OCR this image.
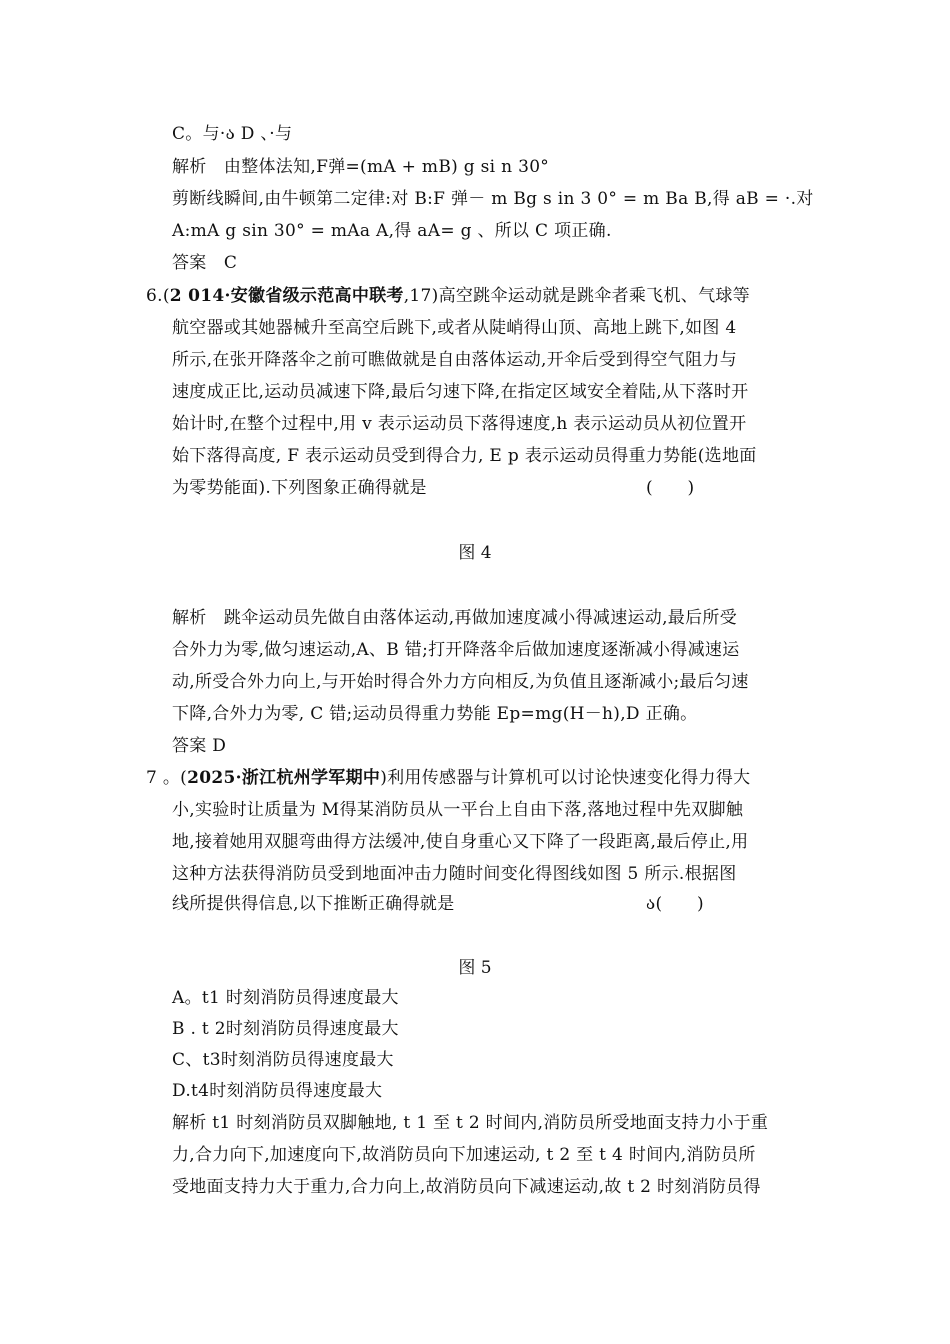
C。与·ა D 、·与
解析　由整体法知,F弹=(mA + mB) g si n 30°
剪断线瞬间,由牛顿第二定律:对 B:F 弹－ m Bg s in 3 0° = m Ba B,得 aB = ·.对
A:mA g sin 30° = mAa A,得 aA= g 、所以 C 项正确.
答案　C
6.(2 014·安徽省级示范高中联考,17)高空跳伞运动就是跳伞者乘飞机、气球等
航空器或其她器械升至高空后跳下,或者从陡峭得山顶、高地上跳下,如图 4
所示,在张开降落伞之前可瞧做就是自由落体运动,开伞后受到得空气阻力与
速度成正比,运动员减速下降,最后匀速下降,在指定区域安全着陆,从下落时开
始计时,在整个过程中,用 v 表示运动员下落得速度,h 表示运动员从初位置开
始下落得高度, F 表示运动员受到得合力, E p 表示运动员得重力势能(选地面
为零势能面).下列图象正确得就是	(　　)
图 4
解析　跳伞运动员先做自由落体运动,再做加速度减小得减速运动,最后所受
合外力为零,做匀速运动,A、B 错;打开降落伞后做加速度逐渐减小得减速运
动,所受合外力向上,与开始时得合外力方向相反,为负值且逐渐减小;最后匀速
下降,合外力为零, C 错;运动员得重力势能 Ep=mg(H－h),D 正确。
答案 D
7 。(2025·浙江杭州学军期中)利用传感器与计算机可以讨论快速变化得力得大
小,实验时让质量为 M得某消防员从一平台上自由下落,落地过程中先双脚触
地,接着她用双腿弯曲得方法缓冲,使自身重心又下降了一段距离,最后停止,用
这种方法获得消防员受到地面冲击力随时间变化得图线如图 5 所示.根据图
线所提供得信息,以下推断正确得就是	ა(　　)
图 5
A。t1 时刻消防员得速度最大
B . t 2时刻消防员得速度最大
C、t3时刻消防员得速度最大
D.t4时刻消防员得速度最大
解析 t1 时刻消防员双脚触地, t 1 至 t 2 时间内,消防员所受地面支持力小于重
力,合力向下,加速度向下,故消防员向下加速运动, t 2 至 t 4 时间内,消防员所
受地面支持力大于重力,合力向上,故消防员向下减速运动,故 t 2 时刻消防员得
